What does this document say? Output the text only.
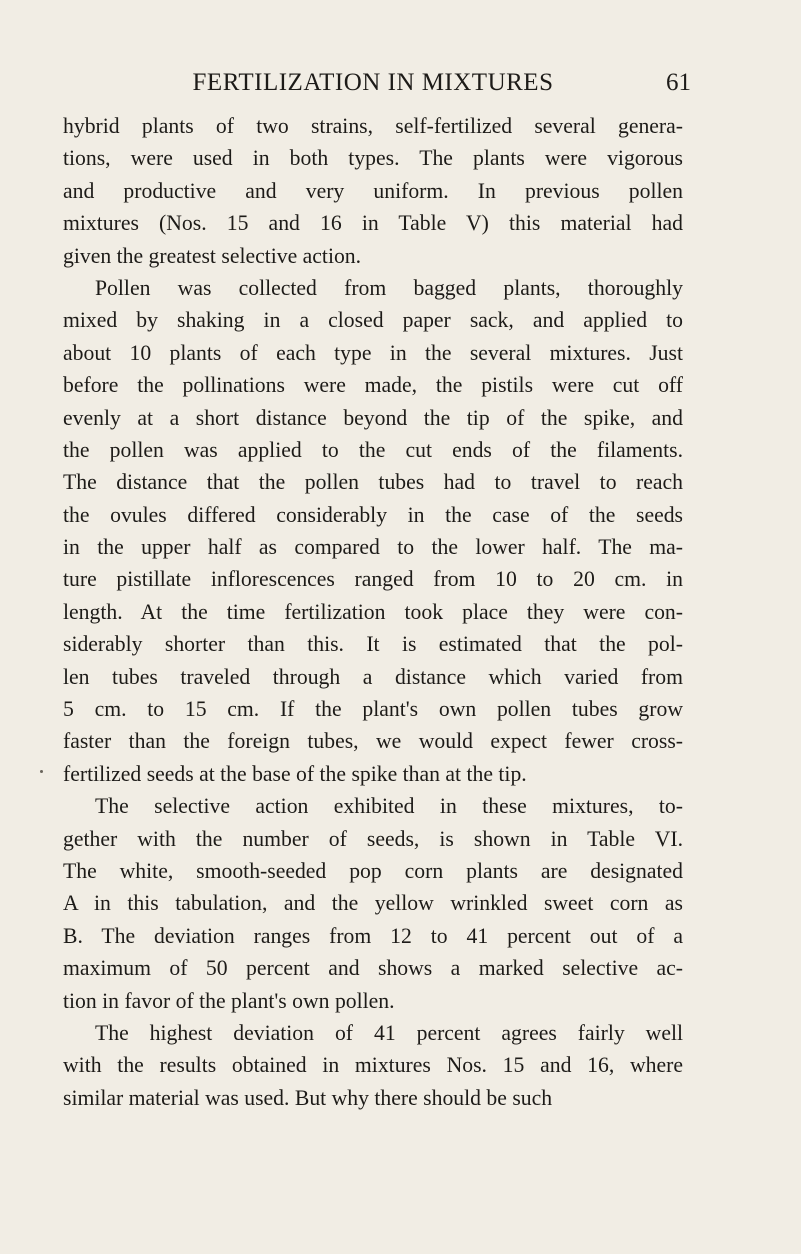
FERTILIZATION IN MIXTURES	61
hybrid plants of two strains, self-fertilized several genera-
tions, were used in both types. The plants were vigorous
and productive and very uniform. In previous pollen
mixtures (Nos. 15 and 16 in Table V) this material had
given the greatest selective action.
Pollen was collected from bagged plants, thoroughly
mixed by shaking in a closed paper sack, and applied to
about 10 plants of each type in the several mixtures. Just
before the pollinations were made, the pistils were cut off
evenly at a short distance beyond the tip of the spike, and
the pollen was applied to the cut ends of the filaments.
The distance that the pollen tubes had to travel to reach
the ovules differed considerably in the case of the seeds
in the upper half as compared to the lower half. The ma-
ture pistillate inflorescences ranged from 10 to 20 cm. in
length. At the time fertilization took place they were con-
siderably shorter than this. It is estimated that the pol-
len tubes traveled through a distance which varied from
5 cm. to 15 cm. If the plant's own pollen tubes grow
faster than the foreign tubes, we would expect fewer cross-
fertilized seeds at the base of the spike than at the tip.
The selective action exhibited in these mixtures, to-
gether with the number of seeds, is shown in Table VI.
The white, smooth-seeded pop corn plants are designated
A in this tabulation, and the yellow wrinkled sweet corn as
B. The deviation ranges from 12 to 41 percent out of a
maximum of 50 percent and shows a marked selective ac-
tion in favor of the plant's own pollen.
The highest deviation of 41 percent agrees fairly well
with the results obtained in mixtures Nos. 15 and 16, where
similar material was used. But why there should be such
